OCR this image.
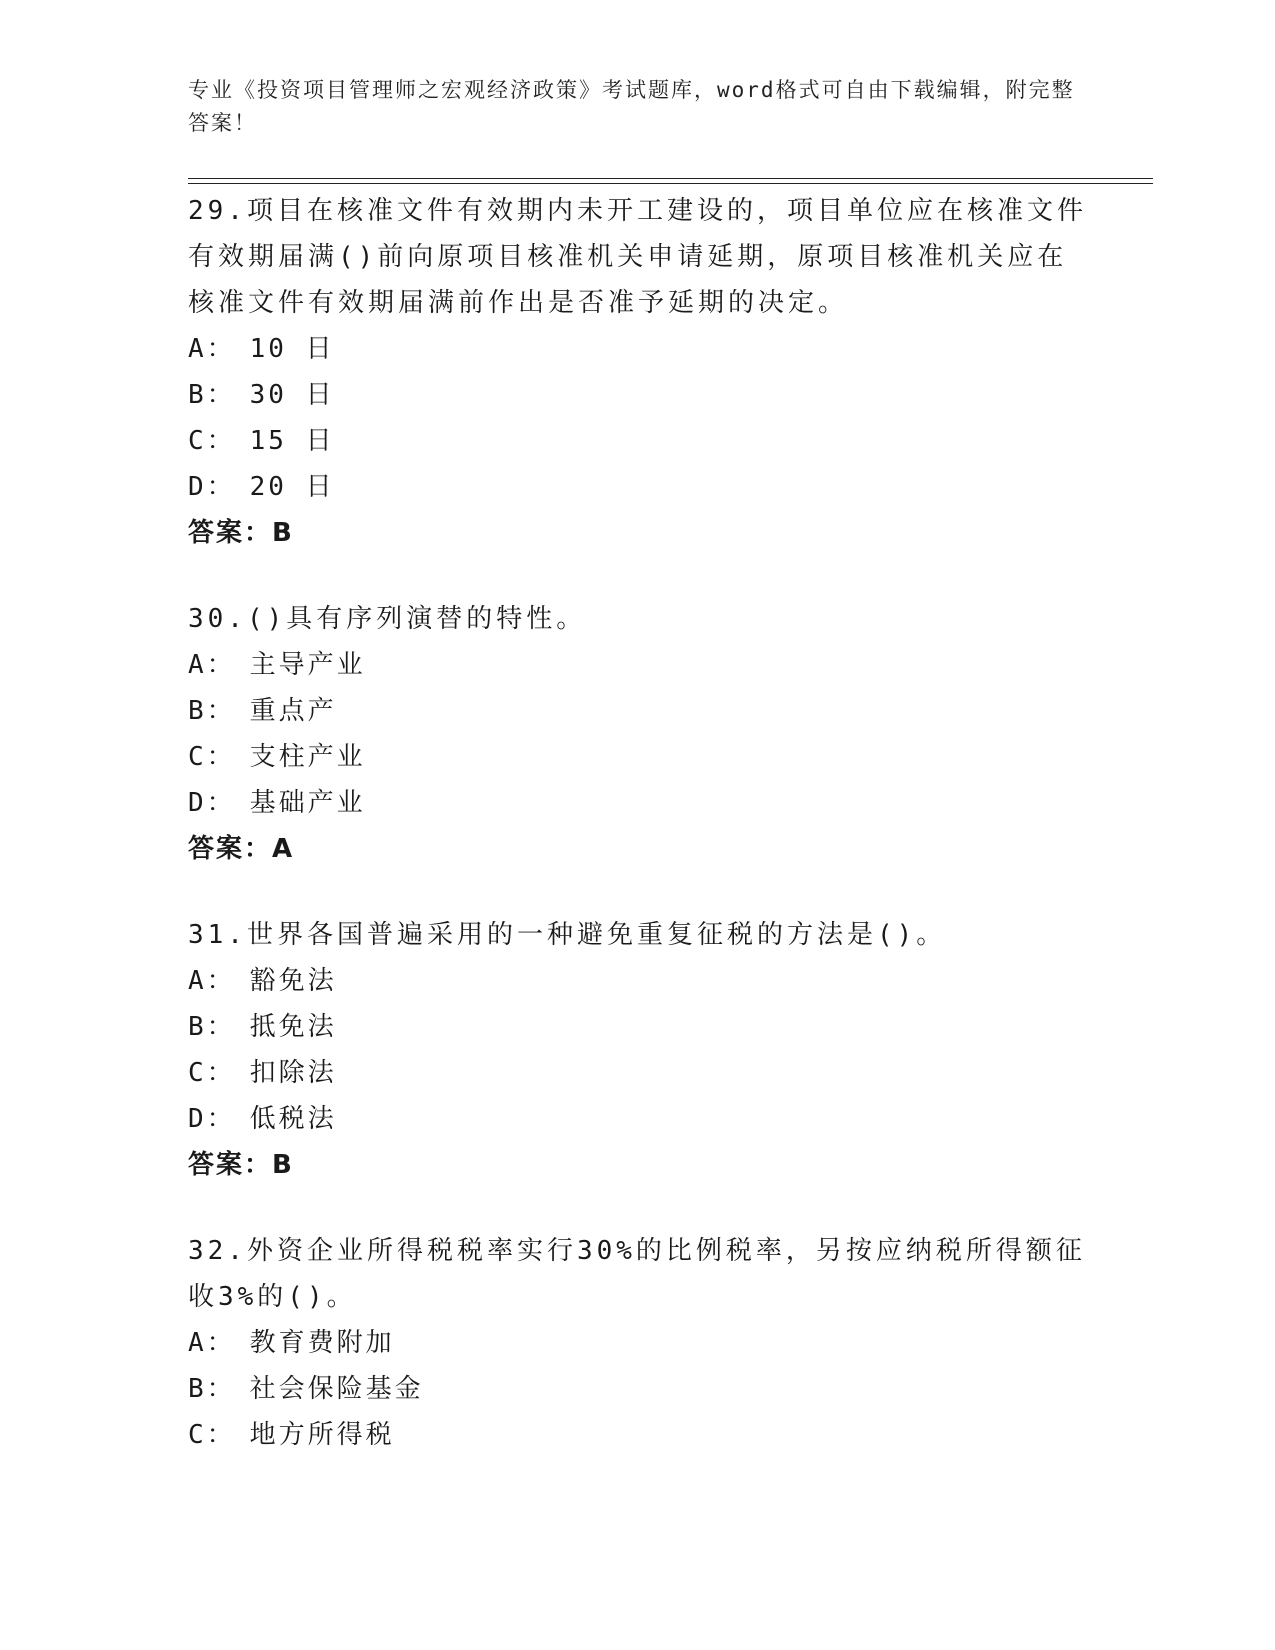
专业《投资项目管理师之宏观经济政策》考试题库，word格式可自由下载编辑，附完整答案！

29.项目在核准文件有效期内未开工建设的，项目单位应在核准文件有效期届满()前向原项目核准机关申请延期，原项目核准机关应在核准文件有效期届满前作出是否准予延期的决定。

A： 10 日

B： 30 日

C： 15 日

D： 20 日

答案：B

30.()具有序列演替的特性。

A： 主导产业

B： 重点产

C： 支柱产业

D： 基础产业

答案：A

31.世界各国普遍采用的一种避免重复征税的方法是()。

A： 豁免法

B： 抵免法

C： 扣除法

D： 低税法

答案：B

32.外资企业所得税税率实行30%的比例税率，另按应纳税所得额征收3%的()。

A： 教育费附加

B： 社会保险基金

C： 地方所得税
